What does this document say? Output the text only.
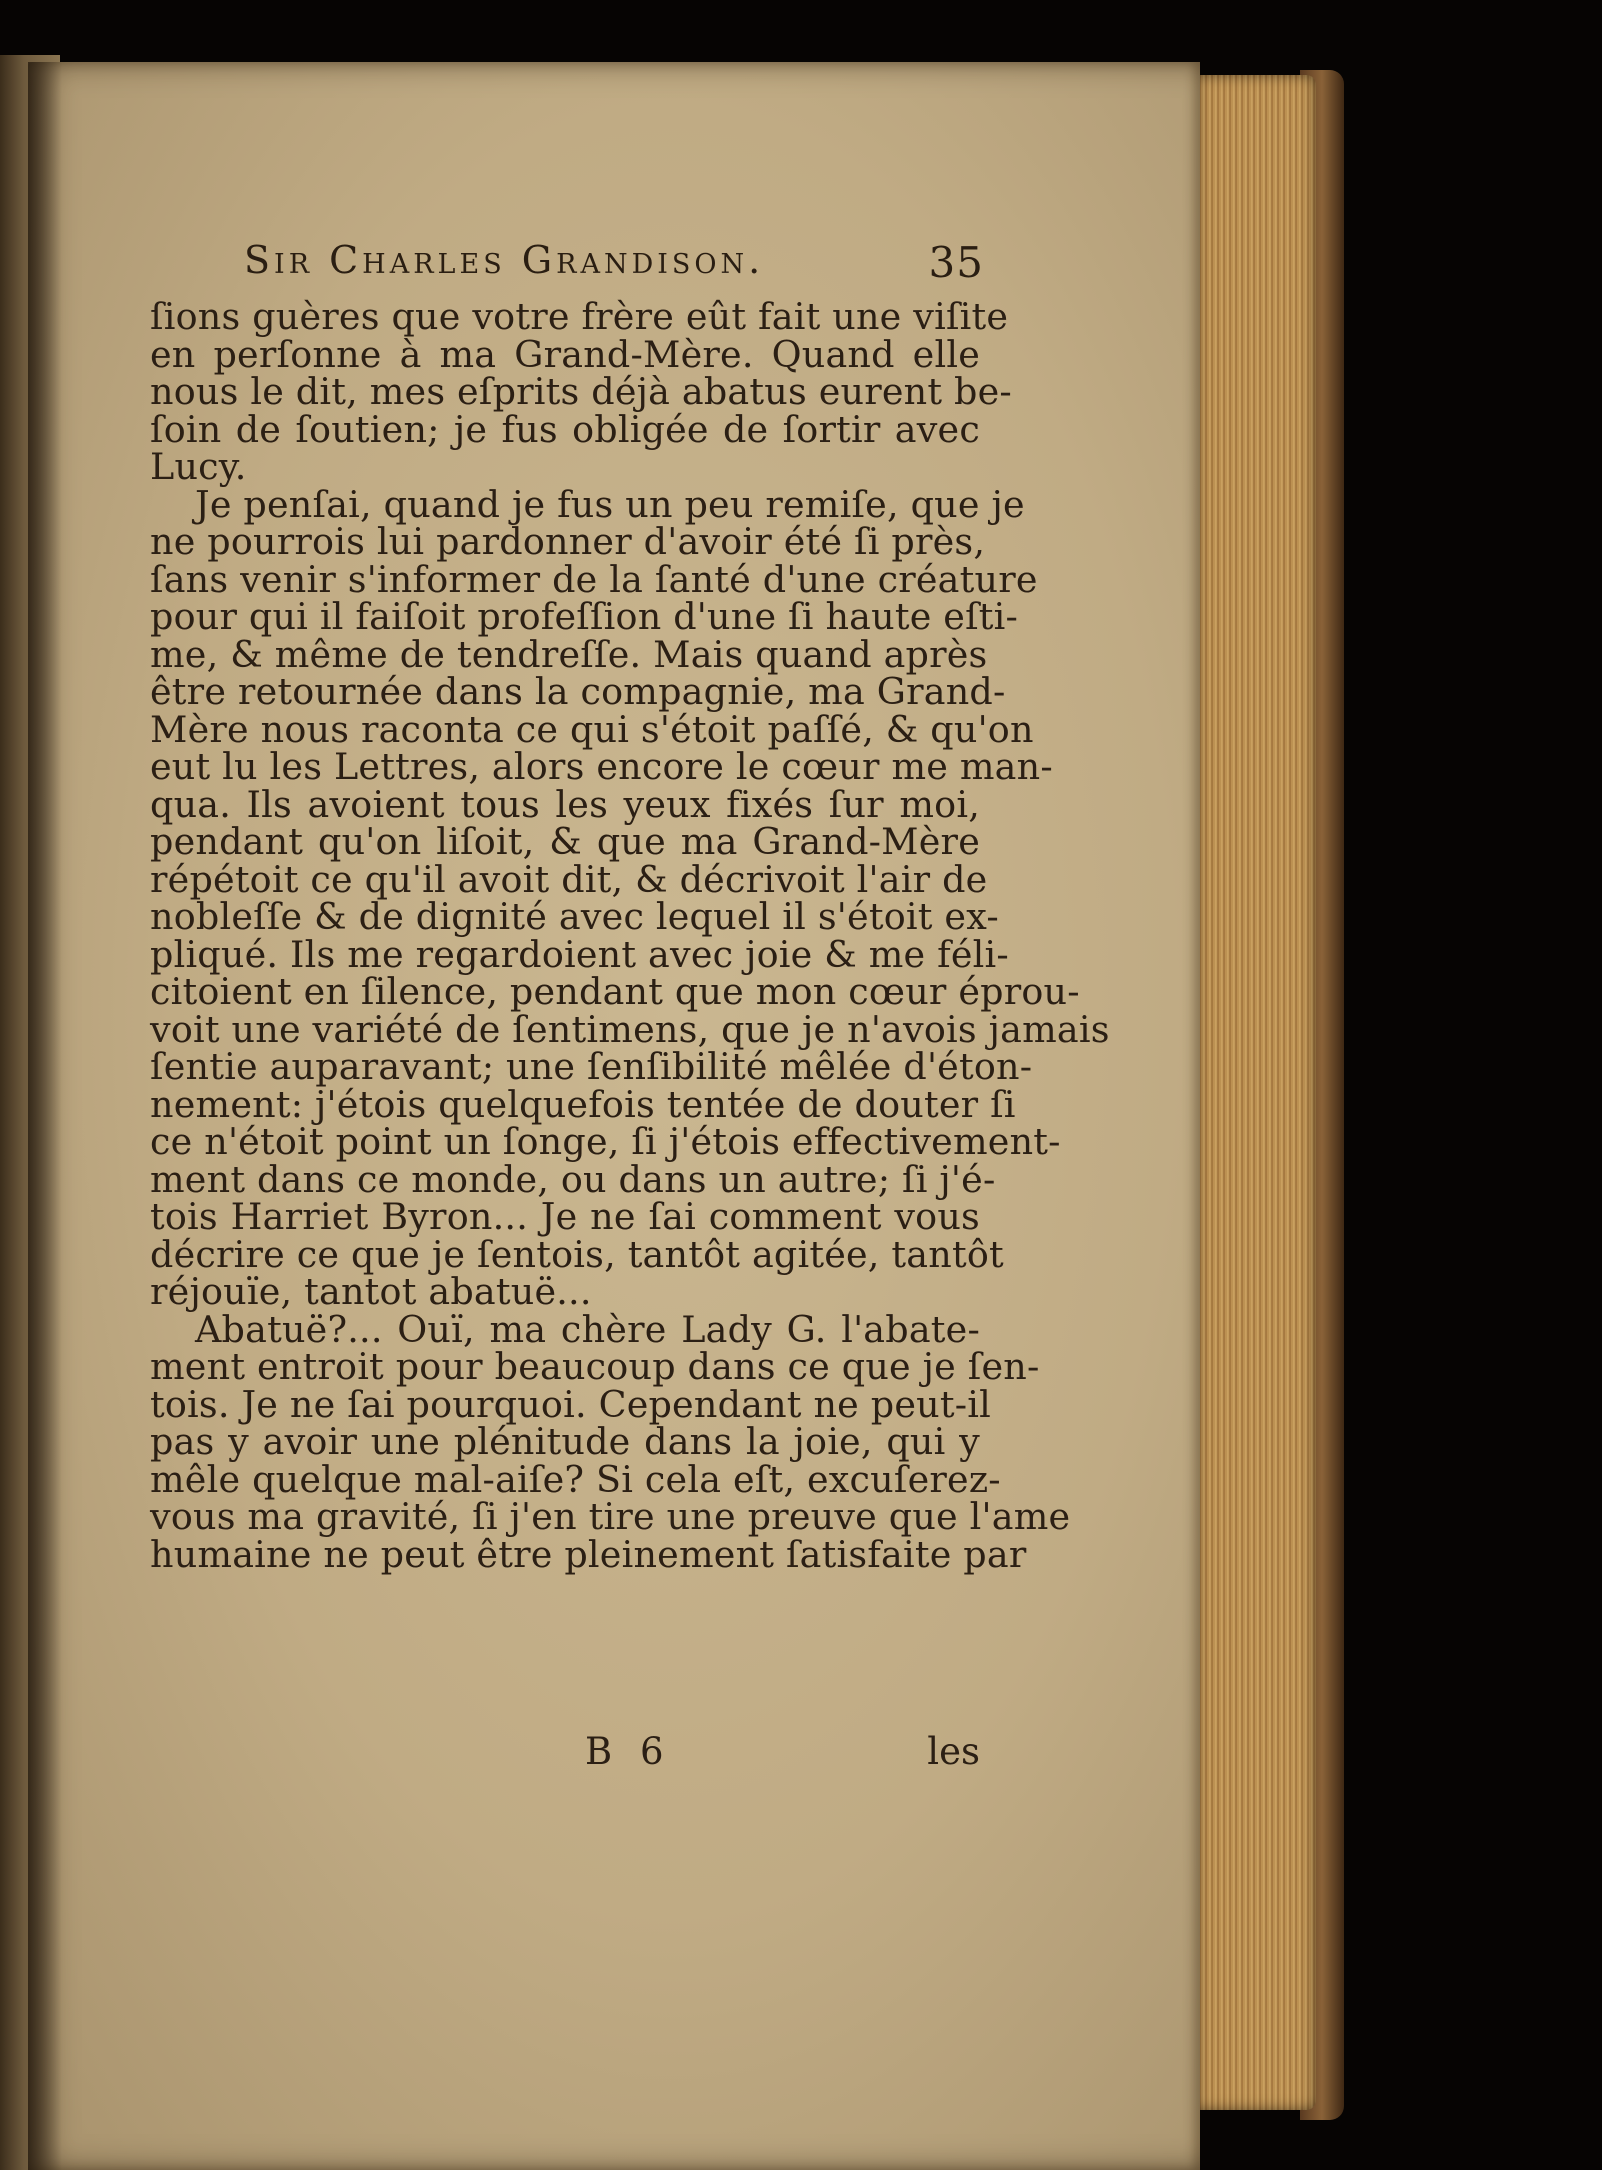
Sir Charles Grandison.	35
ſions guères que votre frère eût fait une viſite
en perſonne à ma Grand-Mère. Quand elle
nous le dit, mes eſprits déjà abatus eurent be-
ſoin de ſoutien; je fus obligée de ſortir avec
Lucy.
Je penſai, quand je fus un peu remiſe, que je
ne pourrois lui pardonner d'avoir été ſi près,
ſans venir s'informer de la ſanté d'une créature
pour qui il faiſoit profeſſion d'une ſi haute eſti-
me, & même de tendreſſe. Mais quand après
être retournée dans la compagnie, ma Grand-
Mère nous raconta ce qui s'étoit paſſé, & qu'on
eut lu les Lettres, alors encore le cœur me man-
qua. Ils avoient tous les yeux fixés ſur moi,
pendant qu'on liſoit, & que ma Grand-Mère
répétoit ce qu'il avoit dit, & décrivoit l'air de
nobleſſe & de dignité avec lequel il s'étoit ex-
pliqué. Ils me regardoient avec joie & me féli-
citoient en ſilence, pendant que mon cœur éprou-
voit une variété de ſentimens, que je n'avois jamais
ſentie auparavant; une ſenſibilité mêlée d'éton-
nement: j'étois quelquefois tentée de douter ſi
ce n'étoit point un ſonge, ſi j'étois effectivement-
ment dans ce monde, ou dans un autre; ſi j'é-
tois Harriet Byron... Je ne ſai comment vous
décrire ce que je ſentois, tantôt agitée, tantôt
réjouïe, tantot abatuë...
Abatuë?... Ouï, ma chère Lady G. l'abate-
ment entroit pour beaucoup dans ce que je ſen-
tois. Je ne ſai pourquoi. Cependant ne peut-il
pas y avoir une plénitude dans la joie, qui y
mêle quelque mal-aiſe? Si cela eſt, excuſerez-
vous ma gravité, ſi j'en tire une preuve que l'ame
humaine ne peut être pleinement ſatisfaite par
B 6	les
